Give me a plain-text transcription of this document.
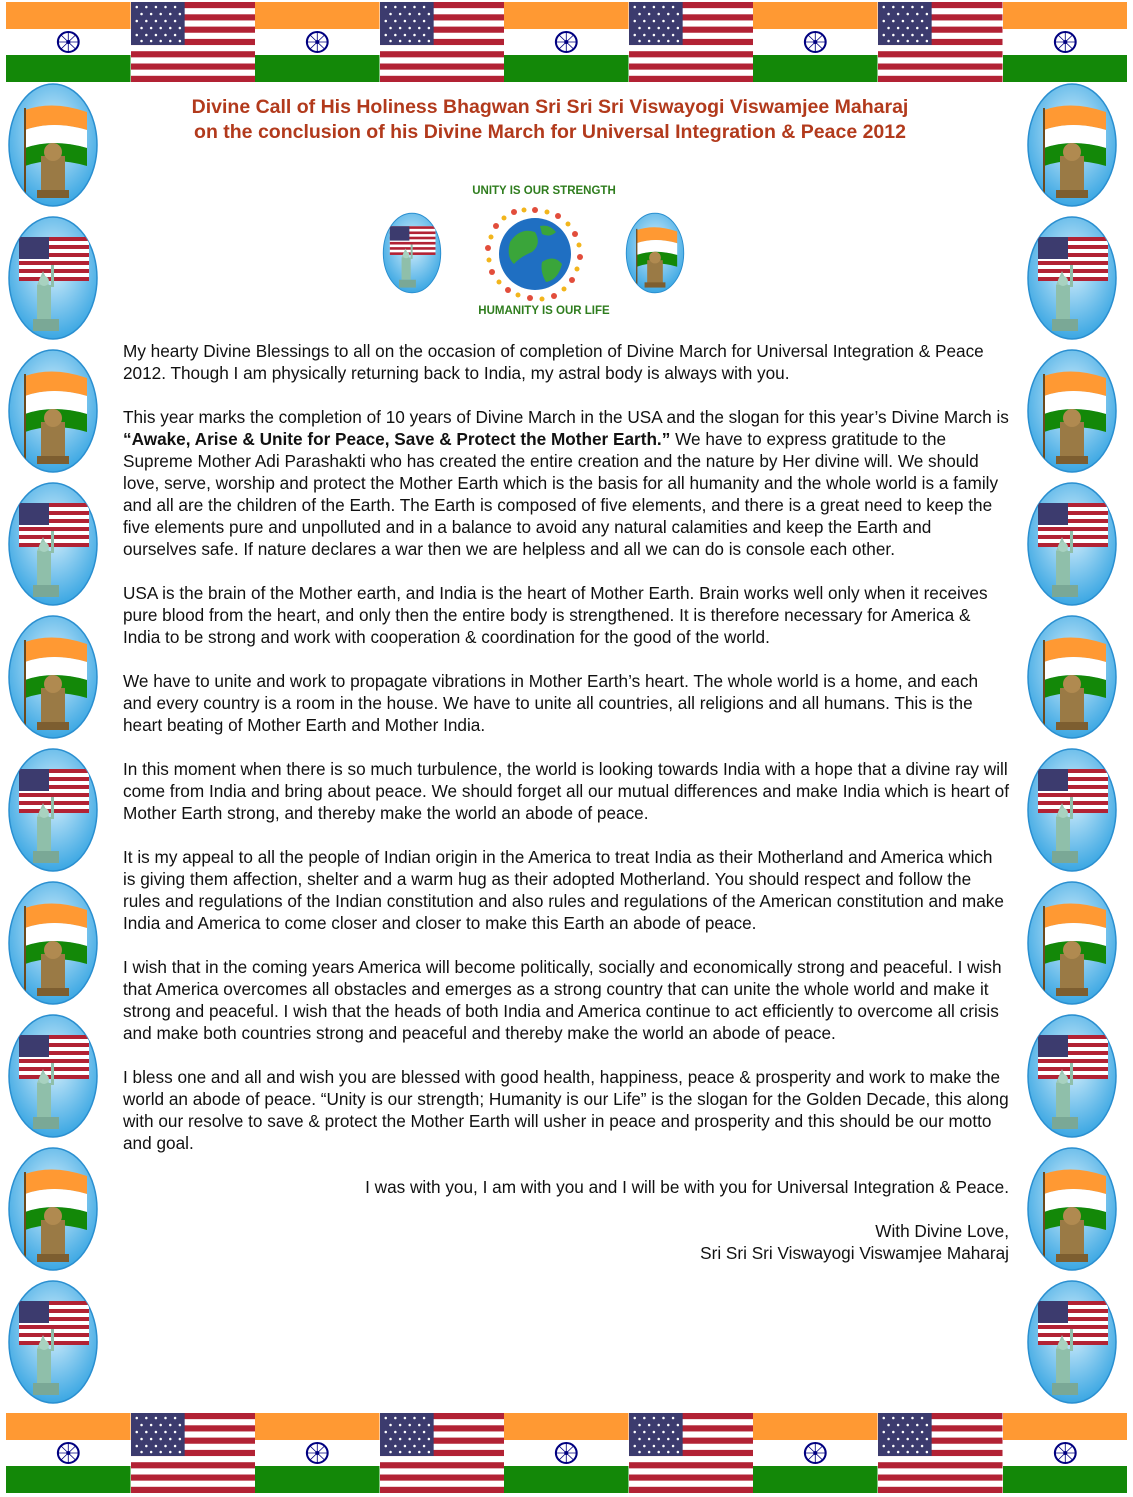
Divine Call of His Holiness Bhagwan Sri Sri Sri Viswayogi Viswamjee Maharaj
on the conclusion of his Divine March for Universal Integration & Peace 2012
UNITY IS OUR STRENGTH
HUMANITY IS OUR LIFE

My hearty Divine Blessings to all on the occasion of completion of Divine March for Universal Integration & Peace 2012. Though I am physically returning back to India, my astral body is always with you.

This year marks the completion of 10 years of Divine March in the USA and the slogan for this year’s Divine March is “Awake, Arise & Unite for Peace, Save & Protect the Mother Earth.” We have to express gratitude to the Supreme Mother Adi Parashakti who has created the entire creation and the nature by Her divine will. We should love, serve, worship and protect the Mother Earth which is the basis for all humanity and the whole world is a family and all are the children of the Earth. The Earth is composed of five elements, and there is a great need to keep the five elements pure and unpolluted and in a balance to avoid any natural calamities and keep the Earth and ourselves safe. If nature declares a war then we are helpless and all we can do is console each other.

USA is the brain of the Mother earth, and India is the heart of Mother Earth. Brain works well only when it receives pure blood from the heart, and only then the entire body is strengthened. It is therefore necessary for America & India to be strong and work with cooperation & coordination for the good of the world.

We have to unite and work to propagate vibrations in Mother Earth’s heart. The whole world is a home, and each and every country is a room in the house. We have to unite all countries, all religions and all humans. This is the heart beating of Mother Earth and Mother India.

In this moment when there is so much turbulence, the world is looking towards India with a hope that a divine ray will come from India and bring about peace. We should forget all our mutual differences and make India which is heart of Mother Earth strong, and thereby make the world an abode of peace.

It is my appeal to all the people of Indian origin in the America to treat India as their Motherland and America which is giving them affection, shelter and a warm hug as their adopted Motherland. You should respect and follow the rules and regulations of the Indian constitution and also rules and regulations of the American constitution and make India and America to come closer and closer to make this Earth an abode of peace.

I wish that in the coming years America will become politically, socially and economically strong and peaceful. I wish that America overcomes all obstacles and emerges as a strong country that can unite the whole world and make it strong and peaceful. I wish that the heads of both India and America continue to act efficiently to overcome all crisis and make both countries strong and peaceful and thereby make the world an abode of peace.

I bless one and all and wish you are blessed with good health, happiness, peace & prosperity and work to make the world an abode of peace. “Unity is our strength; Humanity is our Life” is the slogan for the Golden Decade, this along with our resolve to save & protect the Mother Earth will usher in peace and prosperity and this should be our motto and goal.

I was with you, I am with you and I will be with you for Universal Integration & Peace.
With Divine Love,
Sri Sri Sri Viswayogi Viswamjee Maharaj
